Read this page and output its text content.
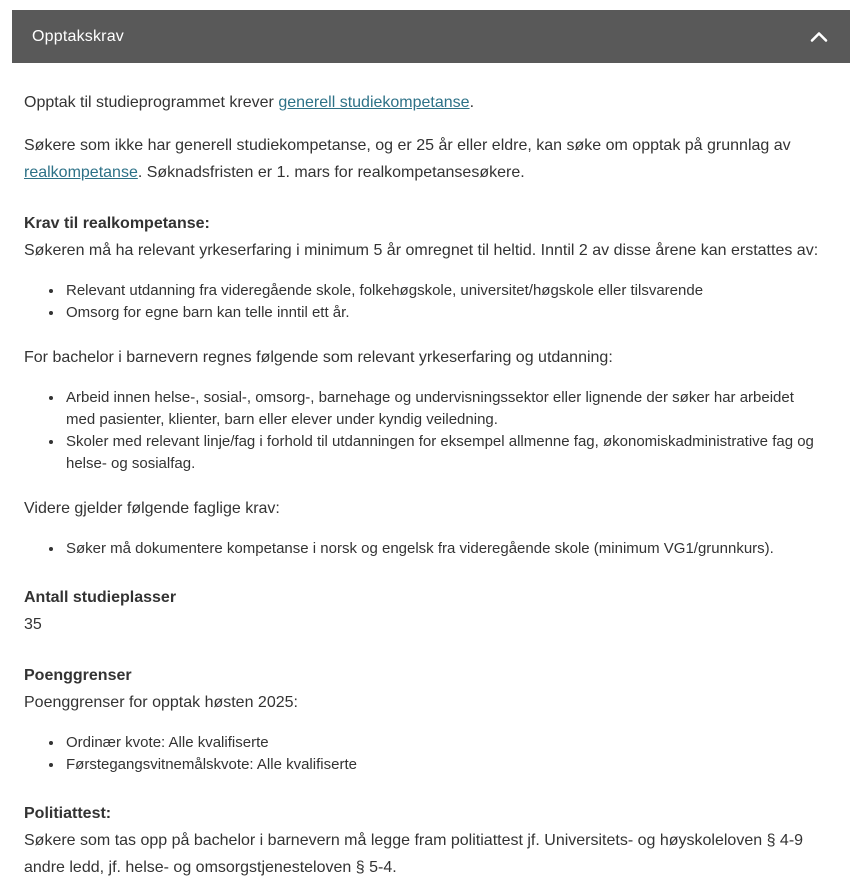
Opptakskrav

Opptak til studieprogrammet krever generell studiekompetanse.

Søkere som ikke har generell studiekompetanse, og er 25 år eller eldre, kan søke om opptak på grunnlag av realkompetanse. Søknadsfristen er 1. mars for realkompetansesøkere.

Krav til realkompetanse:

Søkeren må ha relevant yrkeserfaring i minimum 5 år omregnet til heltid. Inntil 2 av disse årene kan erstattes av:

• Relevant utdanning fra videregående skole, folkehøgskole, universitet/høgskole eller tilsvarende
• Omsorg for egne barn kan telle inntil ett år.

For bachelor i barnevern regnes følgende som relevant yrkeserfaring og utdanning:

• Arbeid innen helse-, sosial-, omsorg-, barnehage og undervisningssektor eller lignende der søker har arbeidet med pasienter, klienter, barn eller elever under kyndig veiledning.
• Skoler med relevant linje/fag i forhold til utdanningen for eksempel allmenne fag, økonomiskadministrative fag og helse- og sosialfag.

Videre gjelder følgende faglige krav:

• Søker må dokumentere kompetanse i norsk og engelsk fra videregående skole (minimum VG1/grunnkurs).

Antall studieplasser

35

Poenggrenser

Poenggrenser for opptak høsten 2025:

• Ordinær kvote: Alle kvalifiserte
• Førstegangsvitnemålskvote: Alle kvalifiserte

Politiattest:

Søkere som tas opp på bachelor i barnevern må legge fram politiattest jf. Universitets- og høyskoleloven § 4-9 andre ledd, jf. helse- og omsorgstjenesteloven § 5-4.
